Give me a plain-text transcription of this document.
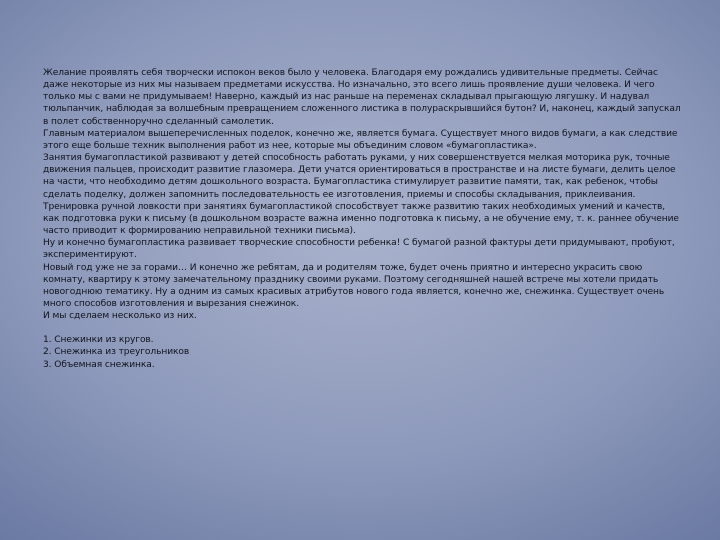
Желание проявлять себя творчески испокон веков было у человека. Благодаря ему рождались удивительные предметы. Сейчас даже некоторые из них мы называем предметами искусства. Но изначально, это всего лишь проявление души человека. И чего только мы с вами не придумываем! Наверно, каждый из нас раньше на переменах складывал прыгающую лягушку. И надувал тюльпанчик, наблюдая за волшебным превращением сложенного листика в полураскрывшийся бутон? И, наконец, каждый запускал в полет собственноручно сделанный самолетик.

Главным материалом вышеперечисленных поделок, конечно же, является бумага. Существует много видов бумаги, а как следствие этого еще больше техник выполнения работ из нее, которые мы объединим словом «бумагопластика».

Занятия бумагопластикой развивают у детей способность работать руками, у них совершенствуется мелкая моторика рук, точные движения пальцев, происходит развитие глазомера. Дети учатся ориентироваться в пространстве и на листе бумаги, делить целое на части, что необходимо детям дошкольного возраста. Бумагопластика стимулирует развитие памяти, так, как ребенок, чтобы сделать поделку, должен запомнить последовательность ее изготовления, приемы и способы складывания, приклеивания. Тренировка ручной ловкости при занятиях бумагопластикой способствует также развитию таких необходимых умений и качеств, как подготовка руки к письму (в дошкольном возрасте важна именно подготовка к письму, а не обучение ему, т. к. раннее обучение часто приводит к формированию неправильной техники письма).

Ну и конечно бумагопластика развивает творческие способности ребенка! С бумагой разной фактуры дети придумывают, пробуют, экспериментируют.

Новый год уже не за горами… И конечно же ребятам, да и родителям тоже, будет очень приятно и интересно украсить свою комнату, квартиру к этому замечательному празднику своими руками. Поэтому сегодняшней нашей встрече мы хотели придать новогоднюю тематику. Ну а одним из самых красивых атрибутов нового года является, конечно же, снежинка. Существует очень много способов изготовления и вырезания снежинок.

И мы сделаем несколько из них.

1. Снежинки из кругов.
2. Снежинка из треугольников
3. Объемная снежинка.
